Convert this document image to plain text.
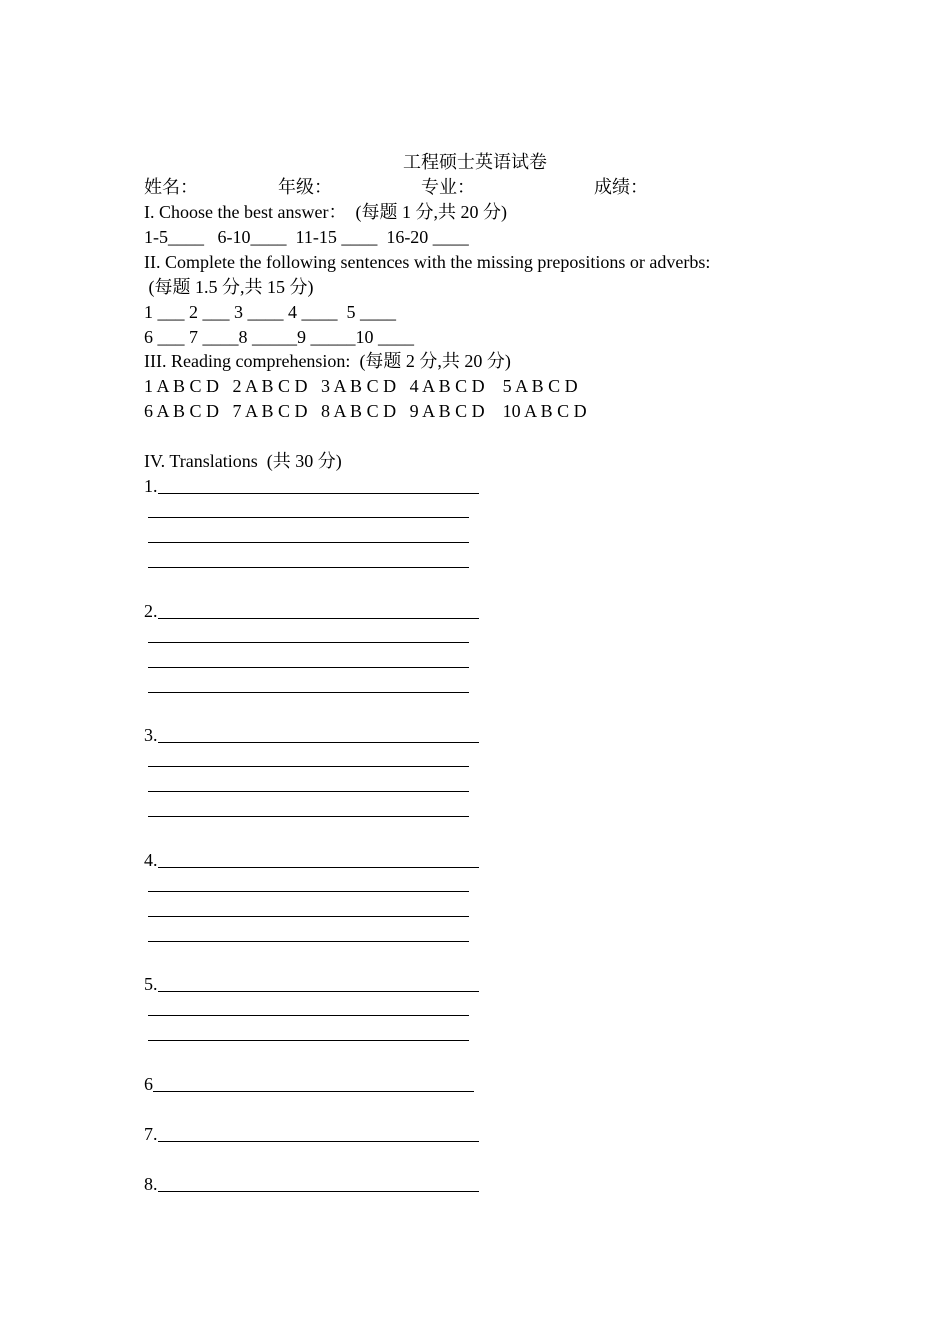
工程硕士英语试卷
姓名：	年级：	专业：	成绩：
I. Choose the best answer：  (每题 1 分,共 20 分)
1-5____   6-10____  11-15 ____  16-20 ____
II. Complete the following sentences with the missing prepositions or adverbs:
(每题 1.5 分,共 15 分)
1 ___ 2 ___ 3 ____ 4 ____  5 ____
6 ___ 7 ____8 _____9 _____10 ____
III. Reading comprehension:  (每题 2 分,共 20 分)
1 A B C D   2 A B C D   3 A B C D   4 A B C D    5 A B C D
6 A B C D   7 A B C D   8 A B C D   9 A B C D    10 A B C D
IV. Translations  (共 30 分)
1.
2.
3.
4.
5.
6
7.
8.
